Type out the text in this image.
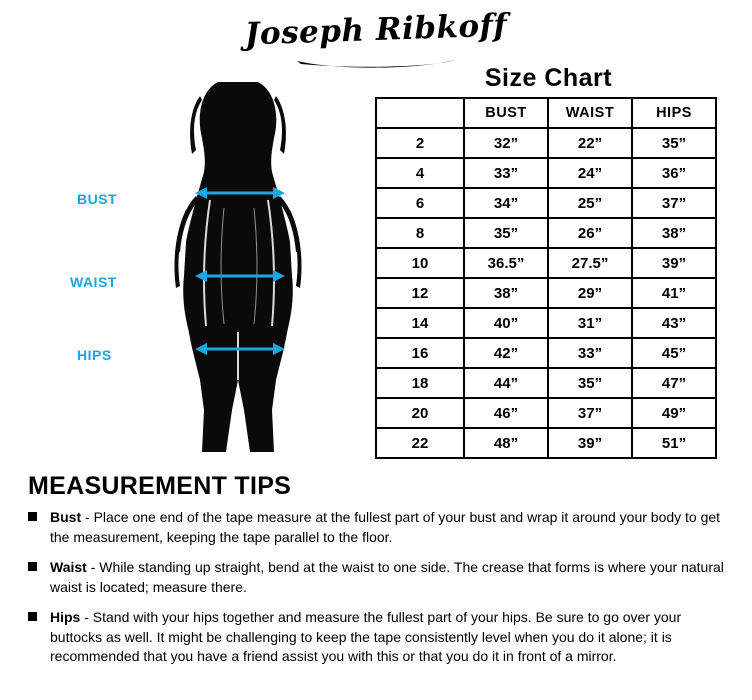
Joseph Ribkoff
BUST
WAIST
HIPS
Size Chart
	BUST	WAIST	HIPS
2	32”	22”	35”
4	33”	24”	36”
6	34”	25”	37”
8	35”	26”	38”
10	36.5”	27.5”	39”
12	38”	29”	41”
14	40”	31”	43”
16	42”	33”	45”
18	44”	35”	47”
20	46”	37”	49”
22	48”	39”	51”
MEASUREMENT TIPS
Bust - Place one end of the tape measure at the fullest part of your bust and wrap it around your body to get the measurement, keeping the tape parallel to the floor.
Waist - While standing up straight, bend at the waist to one side. The crease that forms is where your natural waist is located; measure there.
Hips - Stand with your hips together and measure the fullest part of your hips. Be sure to go over your buttocks as well. It might be challenging to keep the tape consistently level when you do it alone; it is recommended that you have a friend assist you with this or that you do it in front of a mirror.
